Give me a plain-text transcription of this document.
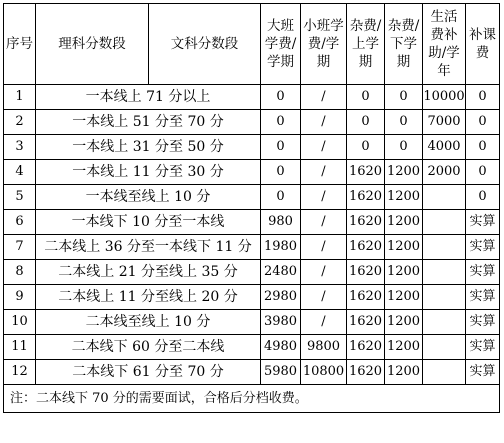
序号	理科分数段	文科分数段	大班学费/学期	小班学费/学期	杂费/上学期	杂费/下学期	生活费补助/学年	补课费

1	一本线上 71 分以上		0	/	0	0	10000	0
2	一本线上 51 分至 70 分		0	/	0	0	7000	0
3	一本线上 31 分至 50 分		0	/	0	0	4000	0
4	一本线上 11 分至 30 分		0	/	1620	1200	2000	0
5	一本线至线上 10 分		0	/	1620	1200		0
6	一本线下 10 分至一本线		980	/	1620	1200		实算
7	二本线上 36 分至一本线下 11 分		1980	/	1620	1200		实算
8	二本线上 21 分至线上 35 分		2480	/	1620	1200		实算
9	二本线上 11 分至线上 20 分		2980	/	1620	1200		实算
10	二本线至线上 10 分		3980	/	1620	1200		实算
11	二本线下 60 分至二本线		4980	9800	1620	1200		实算
12	二本线下 61 分至 70 分		5980	10800	1620	1200		实算
注：二本线下 70 分的需要面试，合格后分档收费。								
